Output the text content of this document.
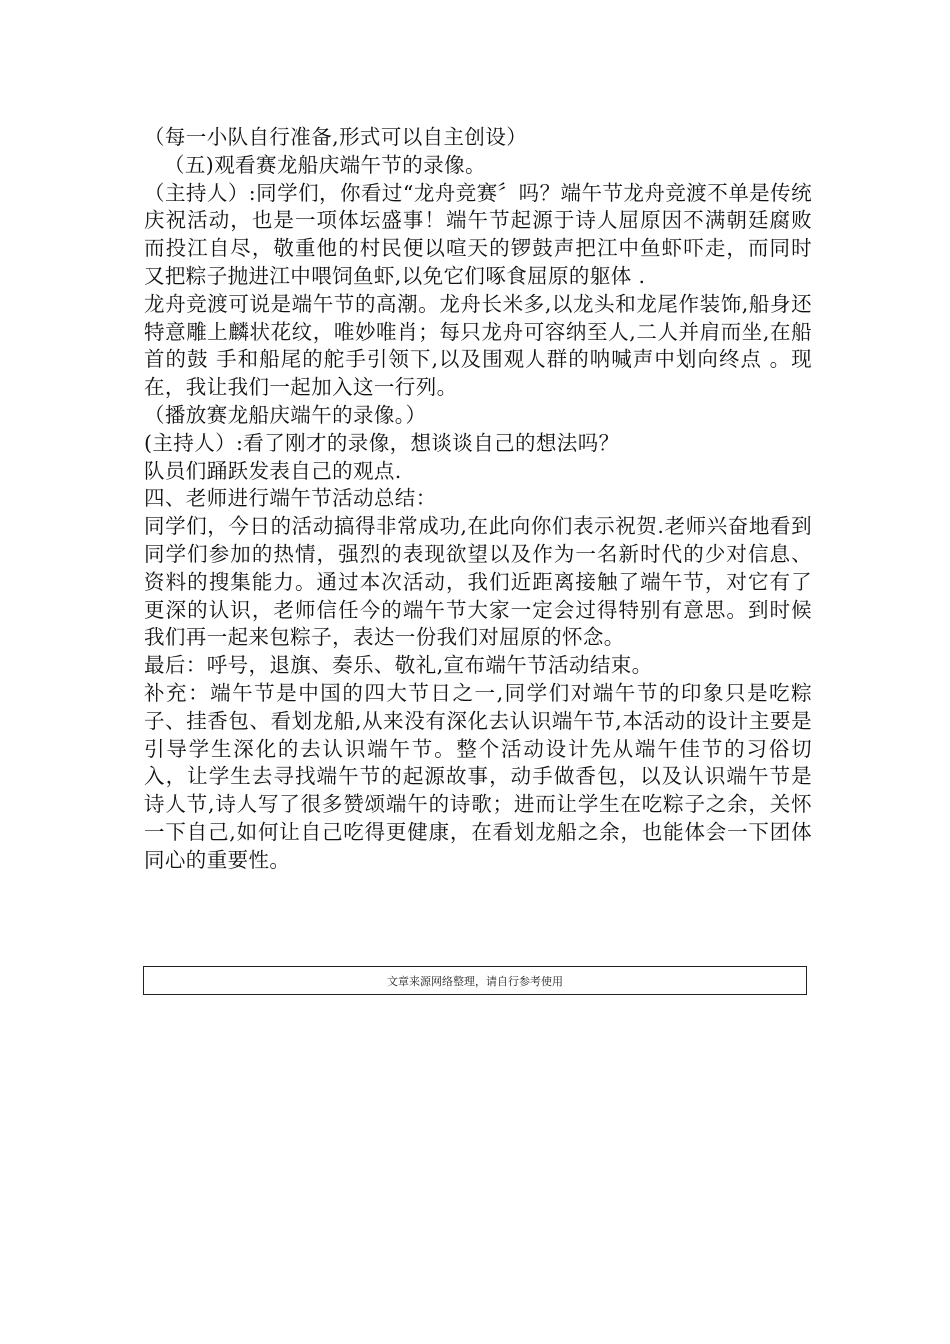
（每一小队自行准备,形式可以自主创设）

（五)观看赛龙船庆端午节的录像。

（主持人）:同学们，你看过“龙舟竞赛〞吗？端午节龙舟竞渡不单是传统庆祝活动，也是一项体坛盛事！端午节起源于诗人屈原因不满朝廷腐败而投江自尽，敬重他的村民便以喧天的锣鼓声把江中鱼虾吓走，而同时又把粽子抛进江中喂饲鱼虾,以免它们啄食屈原的躯体 .

龙舟竞渡可说是端午节的高潮。龙舟长米多,以龙头和龙尾作装饰,船身还特意雕上麟状花纹，唯妙唯肖；每只龙舟可容纳至人,二人并肩而坐,在船首的鼓 手和船尾的舵手引领下,以及围观人群的呐喊声中划向终点 。现在，我让我们一起加入这一行列。

（播放赛龙船庆端午的录像。）

(主持人）:看了刚才的录像，想谈谈自己的想法吗？

队员们踊跃发表自己的观点.

四、老师进行端午节活动总结：

同学们，今日的活动搞得非常成功,在此向你们表示祝贺.老师兴奋地看到同学们参加的热情，强烈的表现欲望以及作为一名新时代的少对信息、资料的搜集能力。通过本次活动，我们近距离接触了端午节，对它有了更深的认识，老师信任今的端午节大家一定会过得特别有意思。到时候我们再一起来包粽子，表达一份我们对屈原的怀念。

最后：呼号，退旗、奏乐、敬礼,宣布端午节活动结束。

补充：端午节是中国的四大节日之一,同学们对端午节的印象只是吃粽子、挂香包、看划龙船,从来没有深化去认识端午节,本活动的设计主要是引导学生深化的去认识端午节。整个活动设计先从端午佳节的习俗切入，让学生去寻找端午节的起源故事，动手做香包，以及认识端午节是诗人节,诗人写了很多赞颂端午的诗歌；进而让学生在吃粽子之余，关怀一下自己,如何让自己吃得更健康，在看划龙船之余，也能体会一下团体同心的重要性。

文章来源网络整理，请自行参考使用
